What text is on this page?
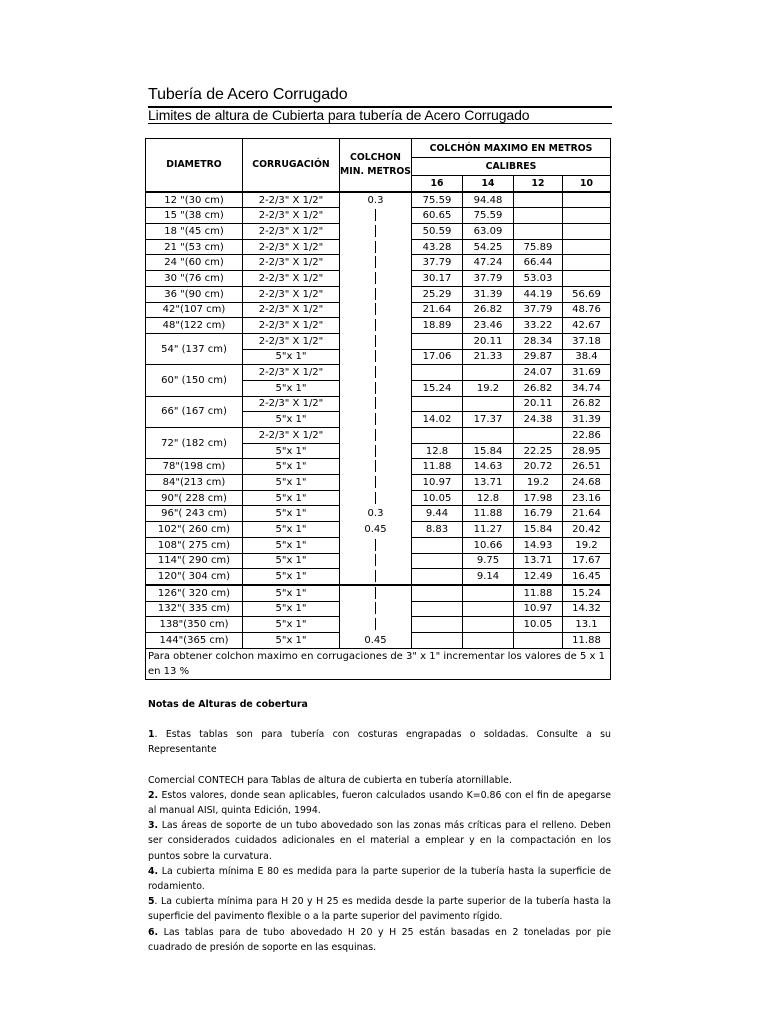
Tubería de Acero Corrugado
Limites de altura de Cubierta para tubería de Acero Corrugado
DIAMETRO	CORRUGACIÓN	COLCHON MIN. METROS	COLCHÓN MAXIMO EN METROS			
			CALIBRES			
			16	14	12	10
12 "(30 cm)	2-2/3" X 1/2"	0.3	75.59	94.48		
15 "(38 cm)	2-2/3" X 1/2"		60.65	75.59		
18 "(45 cm)	2-2/3" X 1/2"		50.59	63.09		
21 "(53 cm)	2-2/3" X 1/2"		43.28	54.25	75.89	
24 "(60 cm)	2-2/3" X 1/2"		37.79	47.24	66.44	
30 "(76 cm)	2-2/3" X 1/2"		30.17	37.79	53.03	
36 "(90 cm)	2-2/3" X 1/2"		25.29	31.39	44.19	56.69
42"(107 cm)	2-2/3" X 1/2"		21.64	26.82	37.79	48.76
48"(122 cm)	2-2/3" X 1/2"		18.89	23.46	33.22	42.67
54" (137 cm)	2-2/3" X 1/2"			20.11	28.34	37.18
	5"x 1"		17.06	21.33	29.87	38.4
60" (150 cm)	2-2/3" X 1/2"				24.07	31.69
	5"x 1"		15.24	19.2	26.82	34.74
66" (167 cm)	2-2/3" X 1/2"				20.11	26.82
	5"x 1"		14.02	17.37	24.38	31.39
72" (182 cm)	2-2/3" X 1/2"					22.86
	5"x 1"		12.8	15.84	22.25	28.95
78"(198 cm)	5"x 1"		11.88	14.63	20.72	26.51
84"(213 cm)	5"x 1"		10.97	13.71	19.2	24.68
90"( 228 cm)	5"x 1"		10.05	12.8	17.98	23.16
96"( 243 cm)	5"x 1"	0.3	9.44	11.88	16.79	21.64
102"( 260 cm)	5"x 1"	0.45	8.83	11.27	15.84	20.42
108"( 275 cm)	5"x 1"			10.66	14.93	19.2
114"( 290 cm)	5"x 1"			9.75	13.71	17.67
120"( 304 cm)	5"x 1"			9.14	12.49	16.45
126"( 320 cm)	5"x 1"				11.88	15.24
132"( 335 cm)	5"x 1"				10.97	14.32
138"(350 cm)	5"x 1"				10.05	13.1
144"(365 cm)	5"x 1"	0.45				11.88
Para obtener colchon maximo en corrugaciones de 3" x 1" incrementar los valores de 5 x 1 en 13 %						
Notas de Alturas de cobertura

1. Estas tablas son para tubería con costuras engrapadas o soldadas. Consulte a su Representante

Comercial CONTECH para Tablas de altura de cubierta en tubería atornillable.

2. Estos valores, donde sean aplicables, fueron calculados usando K=0.86 con el fin de apegarse al manual AISI, quinta Edición, 1994.

3. Las áreas de soporte de un tubo abovedado son las zonas más críticas para el relleno. Deben ser considerados cuidados adicionales en el material a emplear y en la compactación en los puntos sobre la curvatura.

4. La cubierta mínima E 80 es medida para la parte superior de la tubería hasta la superficie de rodamiento.

5. La cubierta mínima para H 20 y H 25 es medida desde la parte superior de la tubería hasta la superficie del pavimento flexible o a la parte superior del pavimento rígido.

6. Las tablas para de tubo abovedado H 20 y H 25 están basadas en 2 toneladas por pie cuadrado de presión de soporte en las esquinas.
